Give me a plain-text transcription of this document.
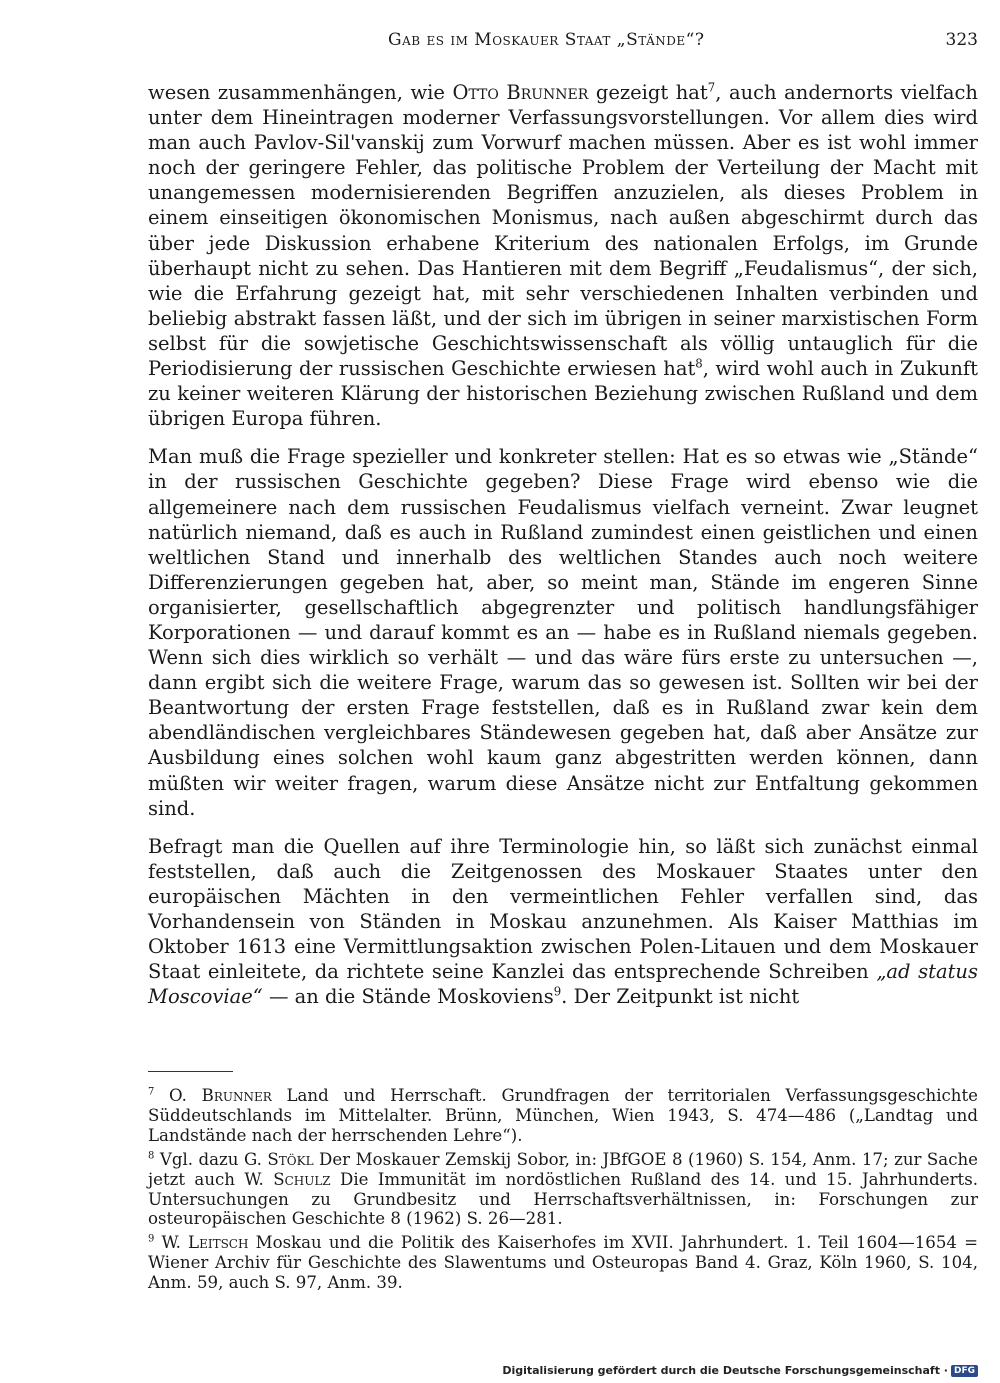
Gab es im Moskauer Staat „Stände“?	323

wesen zusammenhängen, wie Otto Brunner gezeigt hat$^7$, auch andernorts vielfach unter dem Hineintragen moderner Verfassungsvorstellungen. Vor allem dies wird man auch Pavlov-Sil'vanskij zum Vorwurf machen müssen. Aber es ist wohl immer noch der geringere Fehler, das politische Problem der Verteilung der Macht mit unangemessen modernisierenden Begriffen anzuzielen, als dieses Problem in einem einseitigen ökonomischen Monismus, nach außen abgeschirmt durch das über jede Diskussion erhabene Kriterium des nationalen Erfolgs, im Grunde überhaupt nicht zu sehen. Das Hantieren mit dem Begriff „Feudalismus“, der sich, wie die Erfahrung gezeigt hat, mit sehr verschiedenen Inhalten verbinden und beliebig abstrakt fassen läßt, und der sich im übrigen in seiner marxistischen Form selbst für die sowjetische Geschichtswissenschaft als völlig untauglich für die Periodisierung der russischen Geschichte erwiesen hat$^8$, wird wohl auch in Zukunft zu keiner weiteren Klärung der historischen Beziehung zwischen Rußland und dem übrigen Europa führen.

Man muß die Frage spezieller und konkreter stellen: Hat es so etwas wie „Stände“ in der russischen Geschichte gegeben? Diese Frage wird ebenso wie die allgemeinere nach dem russischen Feudalismus vielfach verneint. Zwar leugnet natürlich niemand, daß es auch in Rußland zumindest einen geistlichen und einen weltlichen Stand und innerhalb des weltlichen Standes auch noch weitere Differenzierungen gegeben hat, aber, so meint man, Stände im engeren Sinne organisierter, gesellschaftlich abgegrenzter und politisch handlungsfähiger Korporationen — und darauf kommt es an — habe es in Rußland niemals gegeben. Wenn sich dies wirklich so verhält — und das wäre fürs erste zu untersuchen —, dann ergibt sich die weitere Frage, warum das so gewesen ist. Sollten wir bei der Beantwortung der ersten Frage feststellen, daß es in Rußland zwar kein dem abendländischen vergleichbares Ständewesen gegeben hat, daß aber Ansätze zur Ausbildung eines solchen wohl kaum ganz abgestritten werden können, dann müßten wir weiter fragen, warum diese Ansätze nicht zur Entfaltung gekommen sind.

Befragt man die Quellen auf ihre Terminologie hin, so läßt sich zunächst einmal feststellen, daß auch die Zeitgenossen des Moskauer Staates unter den europäischen Mächten in den vermeintlichen Fehler verfallen sind, das Vorhandensein von Ständen in Moskau anzunehmen. Als Kaiser Matthias im Oktober 1613 eine Vermittlungsaktion zwischen Polen-Litauen und dem Moskauer Staat einleitete, da richtete seine Kanzlei das entsprechende Schreiben „ad status Moscoviae“ — an die Stände Moskoviens$^9$. Der Zeitpunkt ist nicht

$^7$ O. Brunner Land und Herrschaft. Grundfragen der territorialen Verfassungsgeschichte Süddeutschlands im Mittelalter. Brünn, München, Wien 1943, S. 474—486 („Landtag und Landstände nach der herrschenden Lehre“).

$^8$ Vgl. dazu G. Stökl Der Moskauer Zemskij Sobor, in: JBfGOE 8 (1960) S. 154, Anm. 17; zur Sache jetzt auch W. Schulz Die Immunität im nordöstlichen Rußland des 14. und 15. Jahrhunderts. Untersuchungen zu Grundbesitz und Herrschaftsverhältnissen, in: Forschungen zur osteuropäischen Geschichte 8 (1962) S. 26—281.

$^9$ W. Leitsch Moskau und die Politik des Kaiserhofes im XVII. Jahrhundert. 1. Teil 1604—1654 = Wiener Archiv für Geschichte des Slawentums und Osteuropas Band 4. Graz, Köln 1960, S. 104, Anm. 59, auch S. 97, Anm. 39.

Digitalisierung gefördert durch die Deutsche Forschungsgemeinschaft · DFG
